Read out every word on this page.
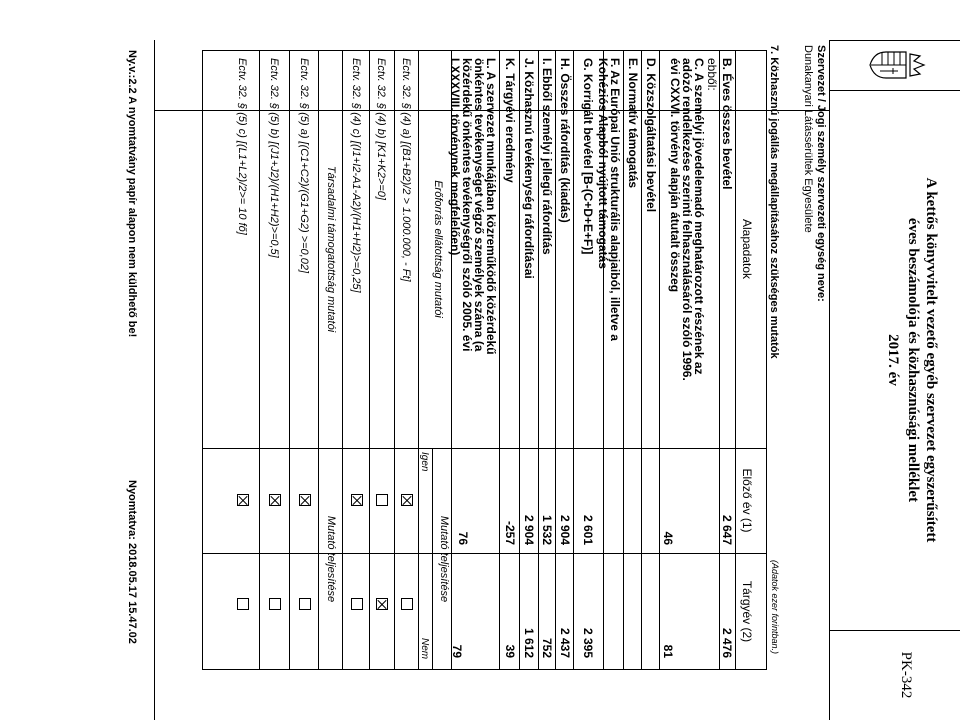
A kettős könyvvitelt vezető egyéb szervezet egyszerűsített
éves beszámolója és közhasznúsági melléklet
2017. év
PK-342
Szervezet / Jogi személy szervezeti egység neve:
Dunakanyari Látássérültek Egyesülete
7. Közhasznú jogállás megállapításához szükséges mutatók
(Adatok ezer forintban.)
Alapadatok
Előző év (1)
Tárgyév (2)
B. Éves összes bevétel
2 647
2 476
ebből:
C. A személyi jövedelemadó meghatározott részének az adózó rendelkezése szerinti felhasználásáról szóló 1996. évi CXXVI. törvény alapján átutalt összeg
46
81
D. Közszolgáltatási bevétel
E. Normatív támogatás
F. Az Európai Unió strukturális alapjaiból, illetve a Kohéziós Alapból nyújtott támogatás
G. Korrigált bevétel [B-(C+D+E+F)]
2 601
2 395
H. Összes ráfordítás (kiadás)
2 904
2 437
I. Ebből személyi jellegű ráfordítás
1 532
752
J. Közhasznú tevékenység ráfordításai
2 904
1 612
K. Tárgyévi eredmény
-257
39
L. A szervezet munkájában közreműködő közérdekű önkéntes tevékenységet végző személyek száma (a közérdekű önkéntes tevékenységről szóló 2005. évi LXXXVIII. törvénynek megfelelően)
76
79
Erőforrás ellátottság mutatói
Mutató teljesítése
Igen
Nem
Ectv. 32. § (4) a) [(B1+B2)/2 > 1.000.000, - Ft]
Ectv. 32. § (4) b) [K1+K2>=0]
Ectv. 32. § (4) c) [(I1+I2-A1-A2)/(H1+H2)>=0,25]
Társadalmi támogatottság mutatói
Mutató teljesítése
Ectv. 32. § (5) a) [(C1+C2)/(G1+G2) >=0,02]
Ectv. 32. § (5) b) [(J1+J2)/(H1+H2)>=0,5]
Ectv. 32. § (5) c) [(L1+L2)/2>= 10 fő]
Ny.v.:2.2 A nyomtatvány papír alapon nem küldhető be!
Nyomtatva: 2018.05.17 15.47.02
